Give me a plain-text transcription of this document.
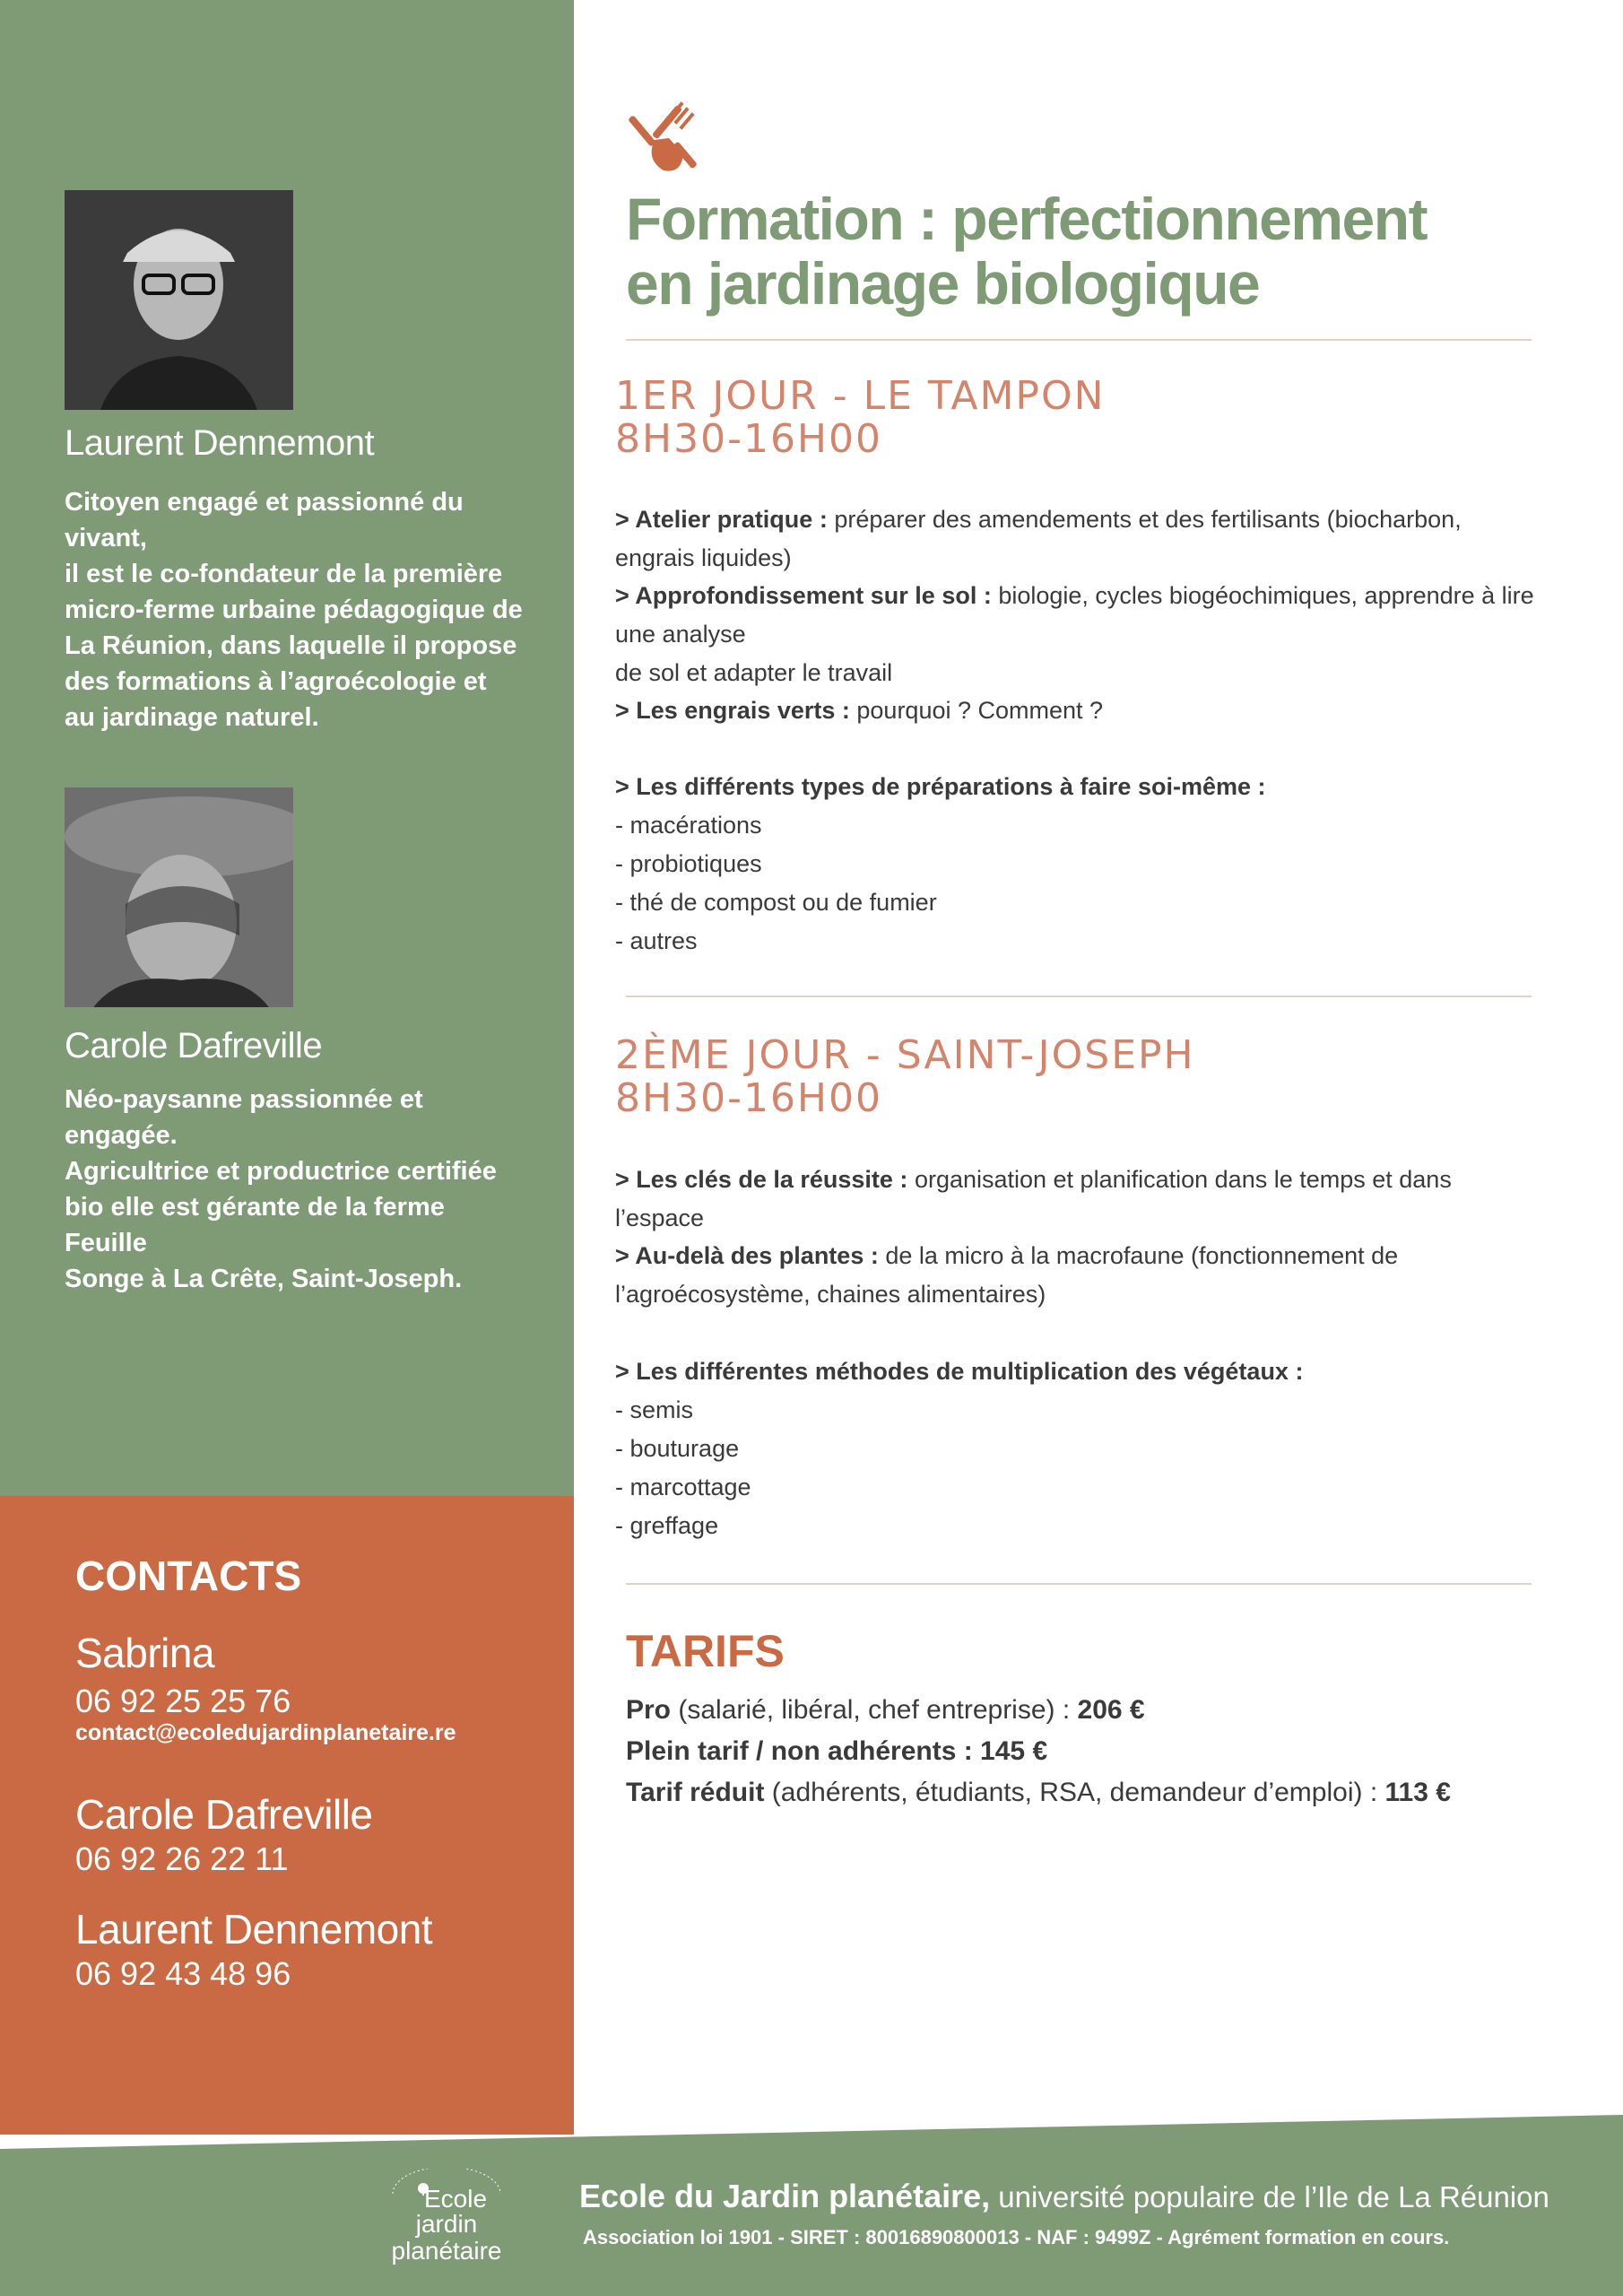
Laurent Dennemont
Citoyen engagé et passionné du vivant,
il est le co-fondateur de la première
micro-ferme urbaine pédagogique de
La Réunion, dans laquelle il propose
des formations à l’agroécologie et
au jardinage naturel.
Carole Dafreville
Néo-paysanne passionnée et engagée.
Agricultrice et productrice certifiée
bio elle est gérante de la ferme Feuille
Songe à La Crête, Saint-Joseph.
CONTACTS
Sabrina
06 92 25 25 76
contact@ecoledujardinplanetaire.re
Carole Dafreville
06 92 26 22 11
Laurent Dennemont
06 92 43 48 96
Formation : perfectionnement
en jardinage biologique
1ER JOUR - LE TAMPON
8H30-16H00
> Atelier pratique : préparer des amendements et des fertilisants (biocharbon, engrais liquides)
> Approfondissement sur le sol : biologie, cycles biogéochimiques, apprendre à lire une analyse
de sol et adapter le travail
> Les engrais verts : pourquoi ? Comment ?
> Les différents types de préparations à faire soi-même :
- macérations
- probiotiques
- thé de compost ou de fumier
- autres
2ÈME JOUR - SAINT-JOSEPH
8H30-16H00
> Les clés de la réussite : organisation et planification dans le temps et dans l’espace
> Au-delà des plantes : de la micro à la macrofaune (fonctionnement de
l’agroécosystème, chaines alimentaires)
> Les différentes méthodes de multiplication des végétaux :
- semis
- bouturage
- marcottage
- greffage
TARIFS
Pro (salarié, libéral, chef entreprise) : 206 €
Plein tarif / non adhérents : 145 €
Tarif réduit (adhérents, étudiants, RSA, demandeur d’emploi) : 113 €
Ecole
jardin planétaire
Ecole du Jardin planétaire, université populaire de l’Ile de La Réunion
Association loi 1901 - SIRET : 80016890800013 - NAF : 9499Z - Agrément formation en cours.
